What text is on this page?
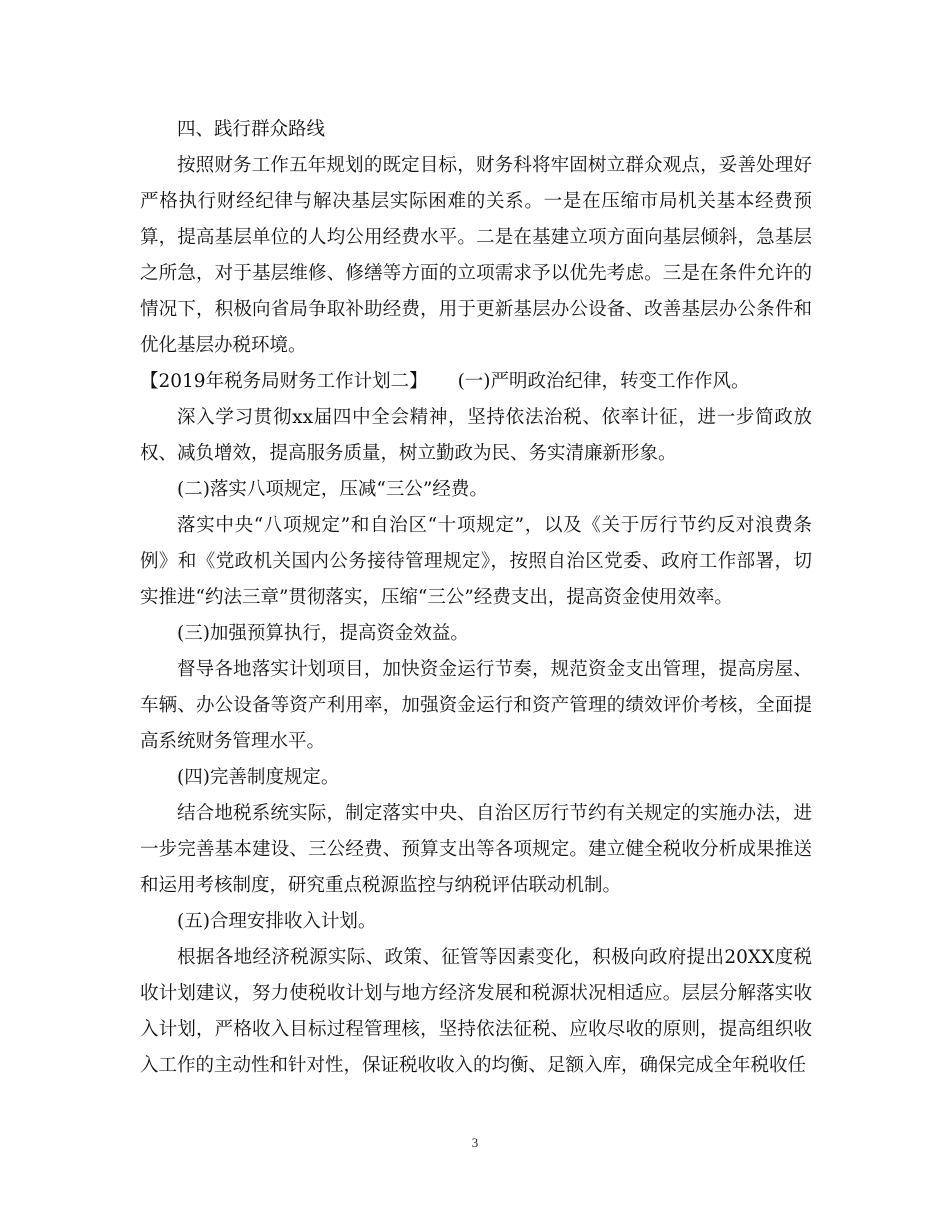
四、践行群众路线

按照财务工作五年规划的既定目标，财务科将牢固树立群众观点，妥善处理好严格执行财经纪律与解决基层实际困难的关系。一是在压缩市局机关基本经费预算，提高基层单位的人均公用经费水平。二是在基建立项方面向基层倾斜，急基层之所急，对于基层维修、修缮等方面的立项需求予以优先考虑。三是在条件允许的情况下，积极向省局争取补助经费，用于更新基层办公设备、改善基层办公条件和优化基层办税环境。

【2019年税务局财务工作计划二】 (一)严明政治纪律，转变工作作风。

深入学习贯彻xx届四中全会精神，坚持依法治税、依率计征，进一步简政放权、减负增效，提高服务质量，树立勤政为民、务实清廉新形象。

(二)落实八项规定，压减“三公”经费。

落实中央“八项规定”和自治区“十项规定”，以及《关于厉行节约反对浪费条例》和《党政机关国内公务接待管理规定》，按照自治区党委、政府工作部署，切实推进“约法三章”贯彻落实，压缩“三公”经费支出，提高资金使用效率。

(三)加强预算执行，提高资金效益。

督导各地落实计划项目，加快资金运行节奏，规范资金支出管理，提高房屋、车辆、办公设备等资产利用率，加强资金运行和资产管理的绩效评价考核，全面提高系统财务管理水平。

(四)完善制度规定。

结合地税系统实际，制定落实中央、自治区厉行节约有关规定的实施办法，进一步完善基本建设、三公经费、预算支出等各项规定。建立健全税收分析成果推送和运用考核制度，研究重点税源监控与纳税评估联动机制。

(五)合理安排收入计划。

根据各地经济税源实际、政策、征管等因素变化，积极向政府提出20XX度税收计划建议，努力使税收计划与地方经济发展和税源状况相适应。层层分解落实收入计划，严格收入目标过程管理核，坚持依法征税、应收尽收的原则，提高组织收入工作的主动性和针对性，保证税收收入的均衡、足额入库，确保完成全年税收任

3
